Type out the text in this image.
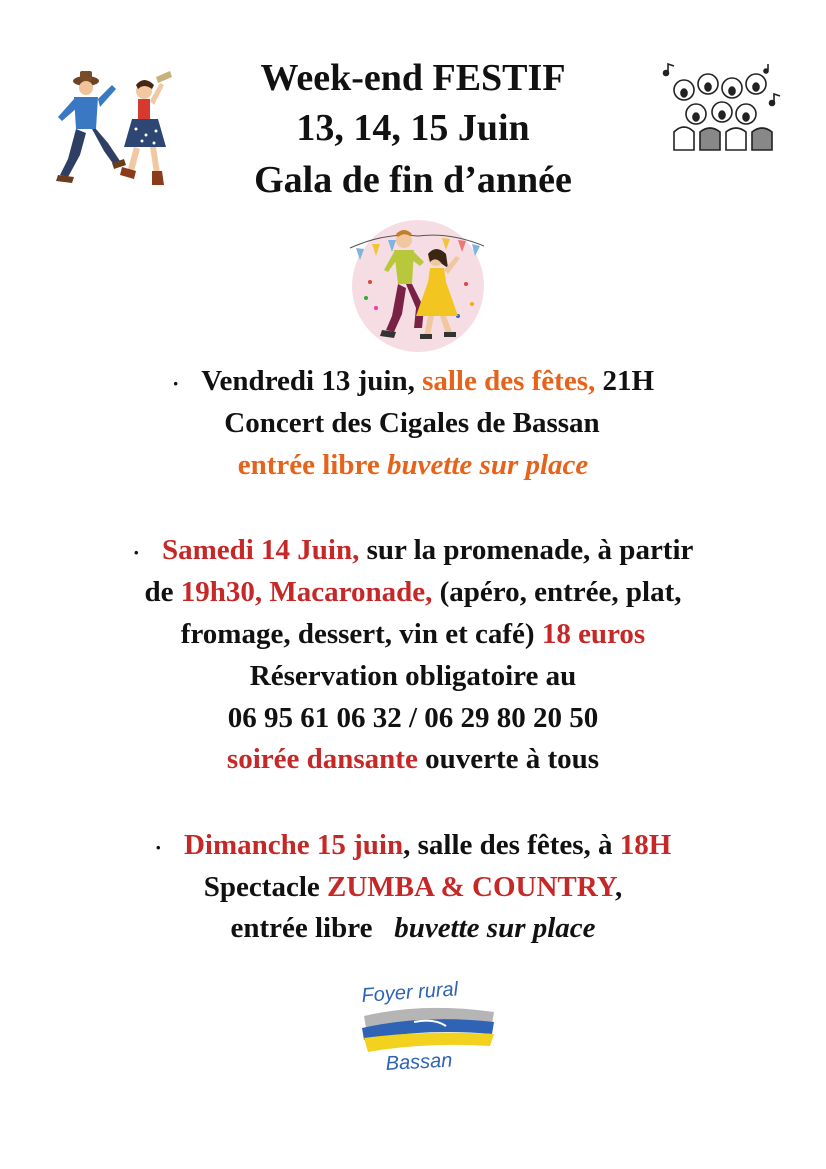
Week-end FESTIF
13, 14, 15 Juin
Gala de fin d’année
· Vendredi 13 juin, salle des fêtes, 21H
Concert des Cigales de Bassan
entrée libre buvette sur place
· Samedi 14 Juin, sur la promenade, à partir
de 19h30, Macaronade, (apéro, entrée, plat,
fromage, dessert, vin et café) 18 euros
Réservation obligatoire au
06 95 61 06 32 / 06 29 80 20 50
soirée dansante ouverte à tous
· Dimanche 15 juin, salle des fêtes, à 18H
Spectacle ZUMBA & COUNTRY,
entrée libre buvette sur place
Foyer rural
Bassan
